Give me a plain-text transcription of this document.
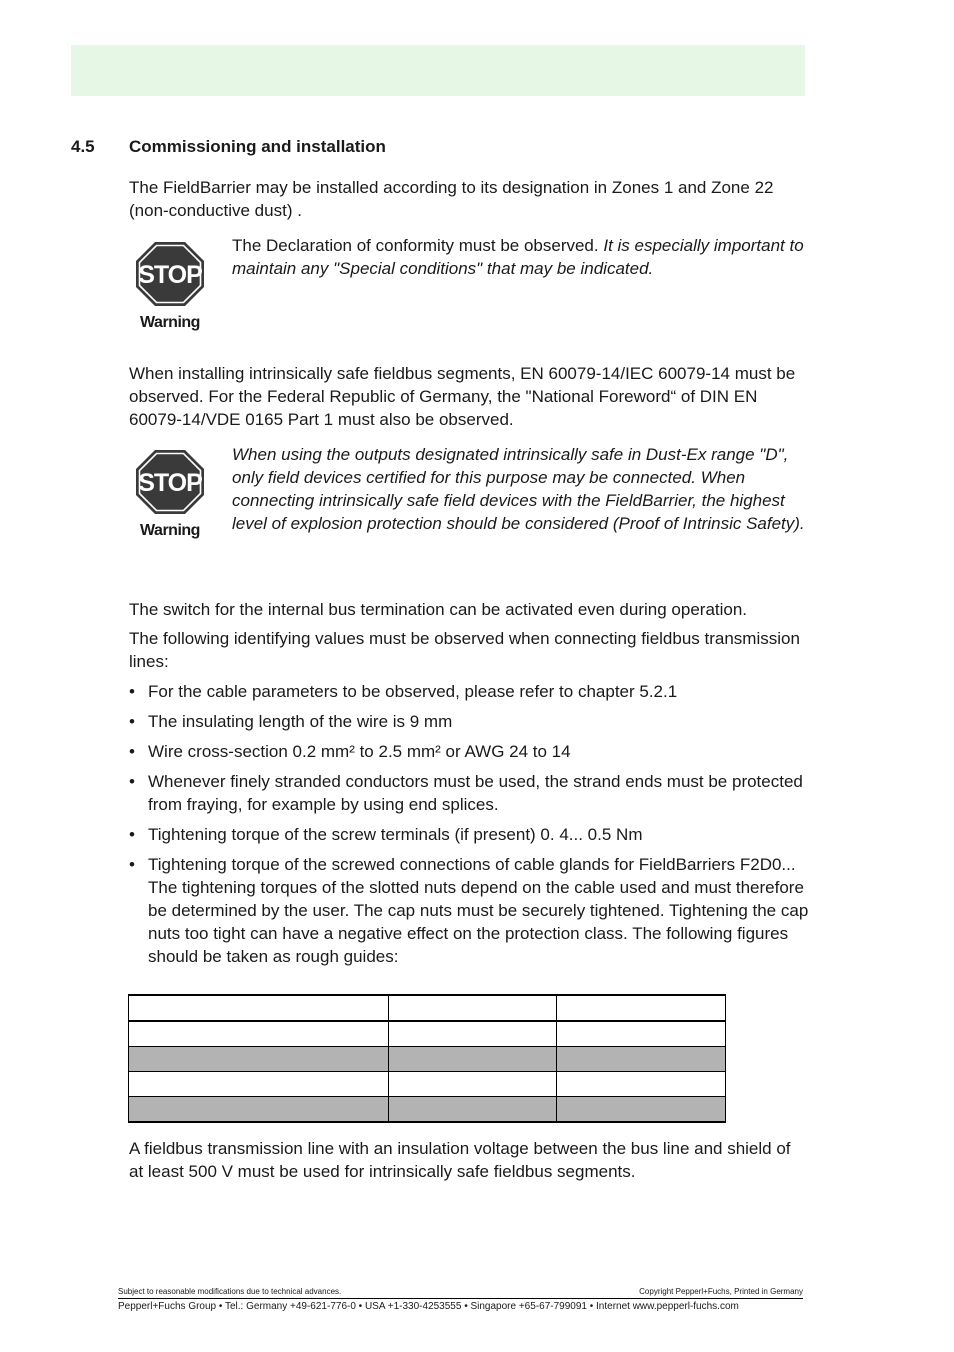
4.5 Commissioning and installation
The FieldBarrier may be installed according to its designation in Zones 1 and Zone 22 (non-conductive dust) .
STOP
Warning
The Declaration of conformity must be observed. It is especially important to maintain any "Special conditions" that may be indicated.
When installing intrinsically safe fieldbus segments, EN 60079-14/IEC 60079-14 must be observed. For the Federal Republic of Germany, the "National Foreword“ of DIN EN 60079-14/VDE 0165 Part 1 must also be observed.
STOP
Warning
When using the outputs designated intrinsically safe in Dust-Ex range "D", only field devices certified for this purpose may be connected. When connecting intrinsically safe field devices with the FieldBarrier, the highest level of explosion protection should be considered (Proof of Intrinsic Safety).
The switch for the internal bus termination can be activated even during operation.
The following identifying values must be observed when connecting fieldbus transmission lines:
• For the cable parameters to be observed, please refer to chapter 5.2.1
• The insulating length of the wire is 9 mm
• Wire cross-section 0.2 mm² to 2.5 mm² or AWG 24 to 14
• Whenever finely stranded conductors must be used, the strand ends must be protected from fraying, for example by using end splices.
• Tightening torque of the screw terminals (if present) 0. 4... 0.5 Nm
• Tightening torque of the screwed connections of cable glands for FieldBarriers F2D0...
The tightening torques of the slotted nuts depend on the cable used and must therefore be determined by the user. The cap nuts must be securely tightened. Tightening the cap nuts too tight can have a negative effect on the protection class. The following figures should be taken as rough guides:

A fieldbus transmission line with an insulation voltage between the bus line and shield of at least 500 V must be used for intrinsically safe fieldbus segments.
Subject to reasonable modifications due to technical advances.	Copyright Pepperl+Fuchs, Printed in Germany
Pepperl+Fuchs Group • Tel.: Germany +49-621-776-0 • USA +1-330-4253555 • Singapore +65-67-799091 • Internet www.pepperl-fuchs.com
